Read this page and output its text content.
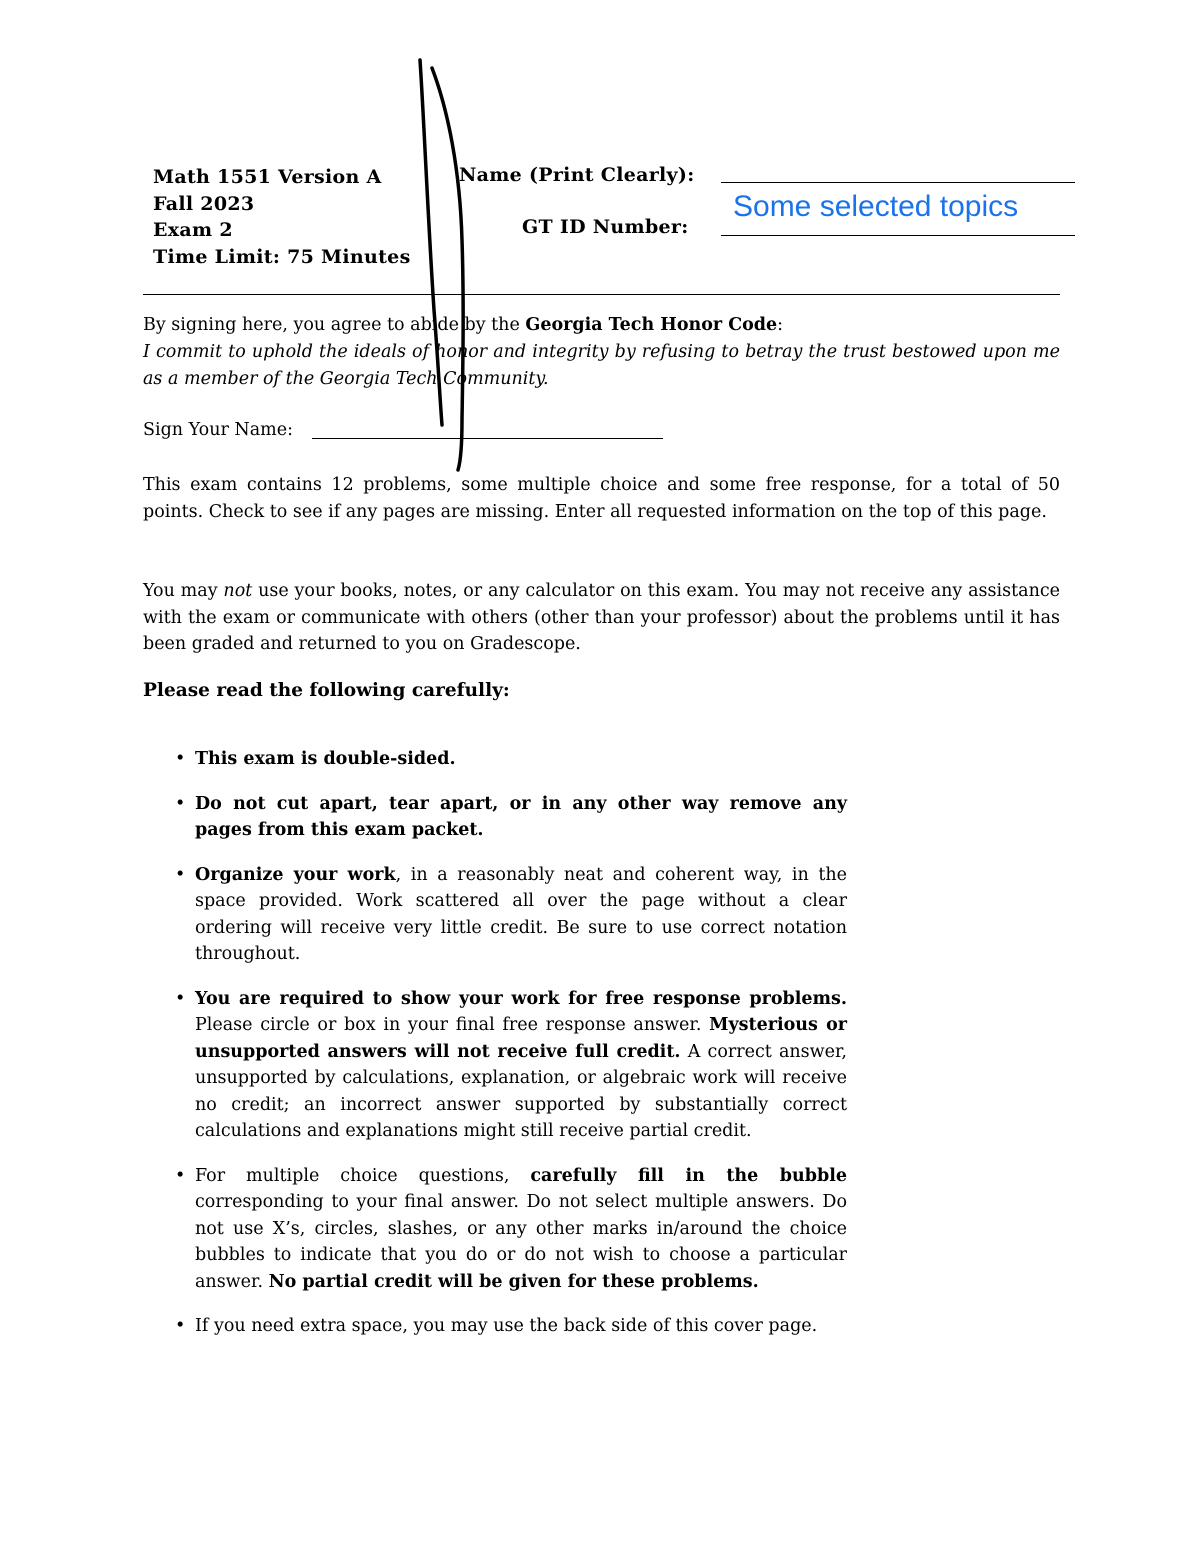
Math 1551 Version A
Fall 2023
Exam 2
Time Limit: 75 Minutes
Name (Print Clearly):
GT ID Number:
Some selected topics
By signing here, you agree to abide by the Georgia Tech Honor Code:
I commit to uphold the ideals of honor and integrity by refusing to betray the trust bestowed upon me as a member of the Georgia Tech Community.
Sign Your Name:
This exam contains 12 problems, some multiple choice and some free response, for a total of 50 points. Check to see if any pages are missing. Enter all requested information on the top of this page.
You may not use your books, notes, or any calculator on this exam. You may not receive any assistance with the exam or communicate with others (other than your professor) about the problems until it has been graded and returned to you on Gradescope.
Please read the following carefully:
• This exam is double-sided.
• Do not cut apart, tear apart, or in any other way remove any pages from this exam packet.
• Organize your work, in a reasonably neat and coherent way, in the space provided. Work scattered all over the page without a clear ordering will receive very little credit. Be sure to use correct notation throughout.
• You are required to show your work for free response problems. Please circle or box in your final free response answer. Mysterious or unsupported answers will not receive full credit. A correct answer, unsupported by calculations, explanation, or algebraic work will receive no credit; an incorrect answer supported by substantially correct calculations and explanations might still receive partial credit.
• For multiple choice questions, carefully fill in the bubble corresponding to your final answer. Do not select multiple answers. Do not use X’s, circles, slashes, or any other marks in/around the choice bubbles to indicate that you do or do not wish to choose a particular answer. No partial credit will be given for these problems.
• If you need extra space, you may use the back side of this cover page.
